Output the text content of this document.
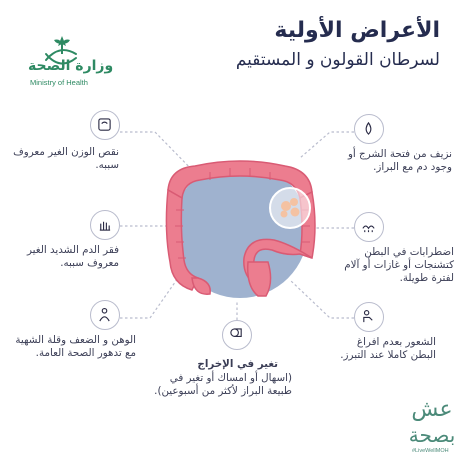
وزارة الصحة
Ministry of Health
الأعراض الأولية
لسرطان القولون و المستقيم
نقص الوزن الغير معروف سببه.
فقر الدم الشديد الغير معروف سببه.
الوهن و الضعف وقلة الشهية مع تدهور الصحة العامة.
نزيف من فتحة الشرج أو وجود دم مع البراز.
اضطرابات في البطن كتشنجات أو غازات أو آلام لفترة طويلة.
الشعور بعدم افراغ البطن كاملا عند التبرز.
تغير في الإخراج
(اسهال أو امساك أو تغير في طبيعة البراز لأكثر من أسبوعين).
عش
بصحة
#LiveWellMOH
